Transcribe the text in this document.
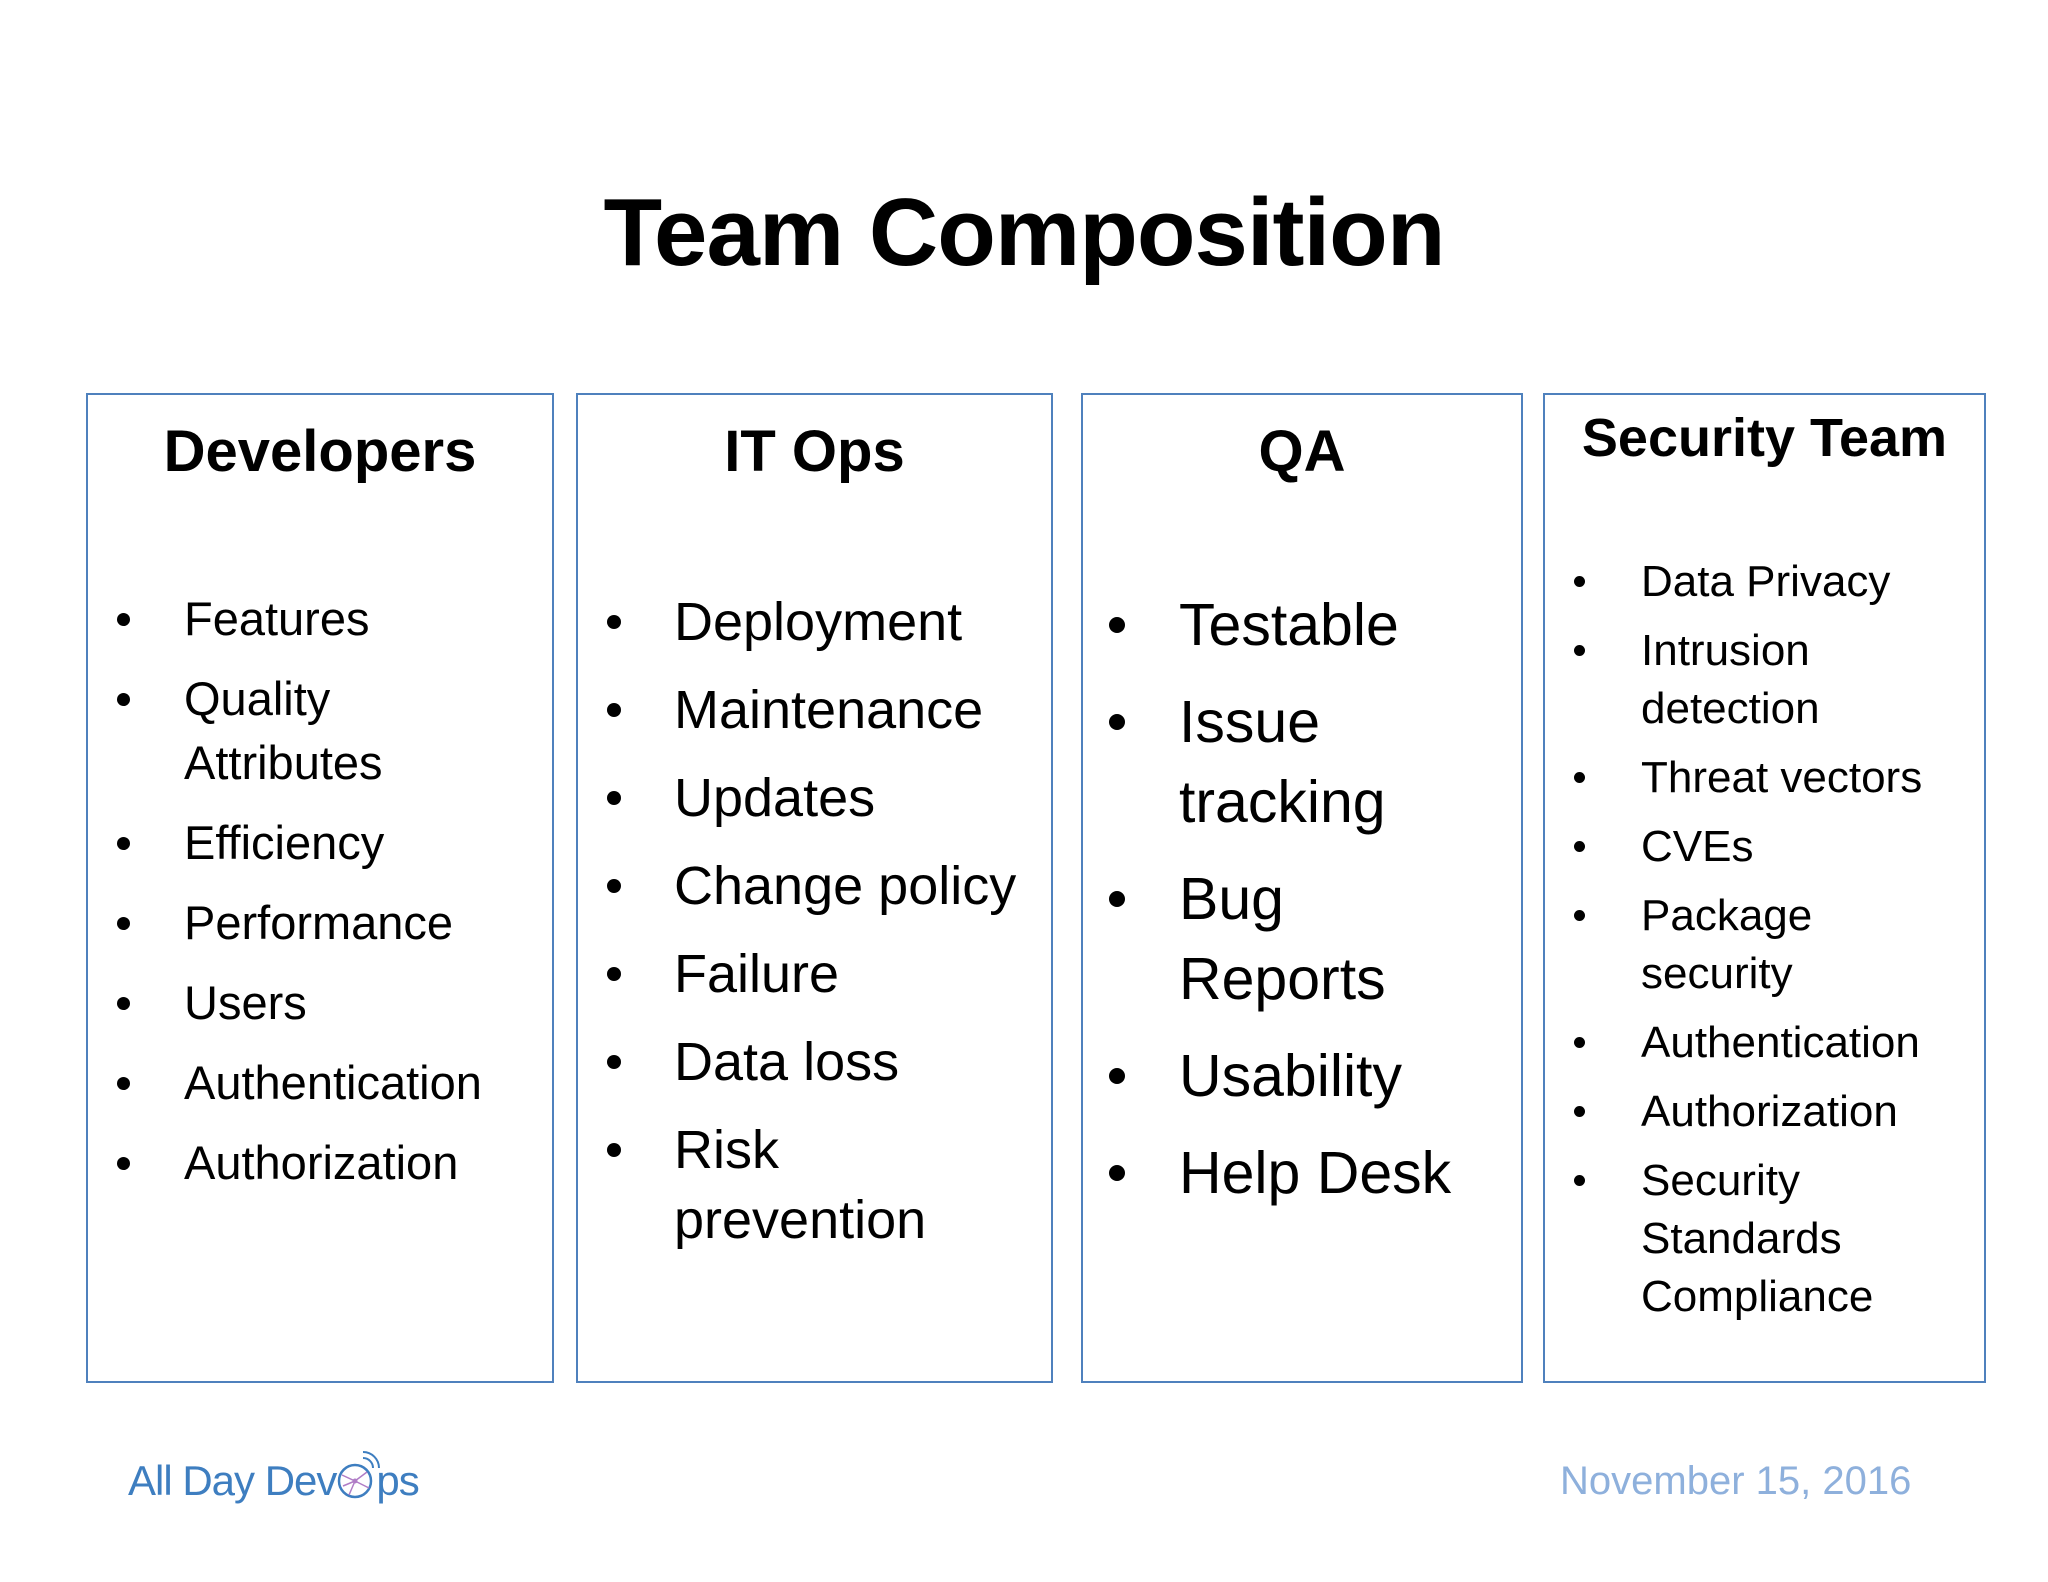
Team Composition
Developers
Features
Quality Attributes
Efficiency
Performance
Users
Authentication
Authorization
IT Ops
Deployment
Maintenance
Updates
Change policy
Failure
Data loss
Risk prevention
QA
Testable
Issue tracking
Bug Reports
Usability
Help Desk
Security Team
Data Privacy
Intrusion detection
Threat vectors
CVEs
Package security
Authentication
Authorization
Security Standards Compliance
All Day Dev ps	November 15, 2016
